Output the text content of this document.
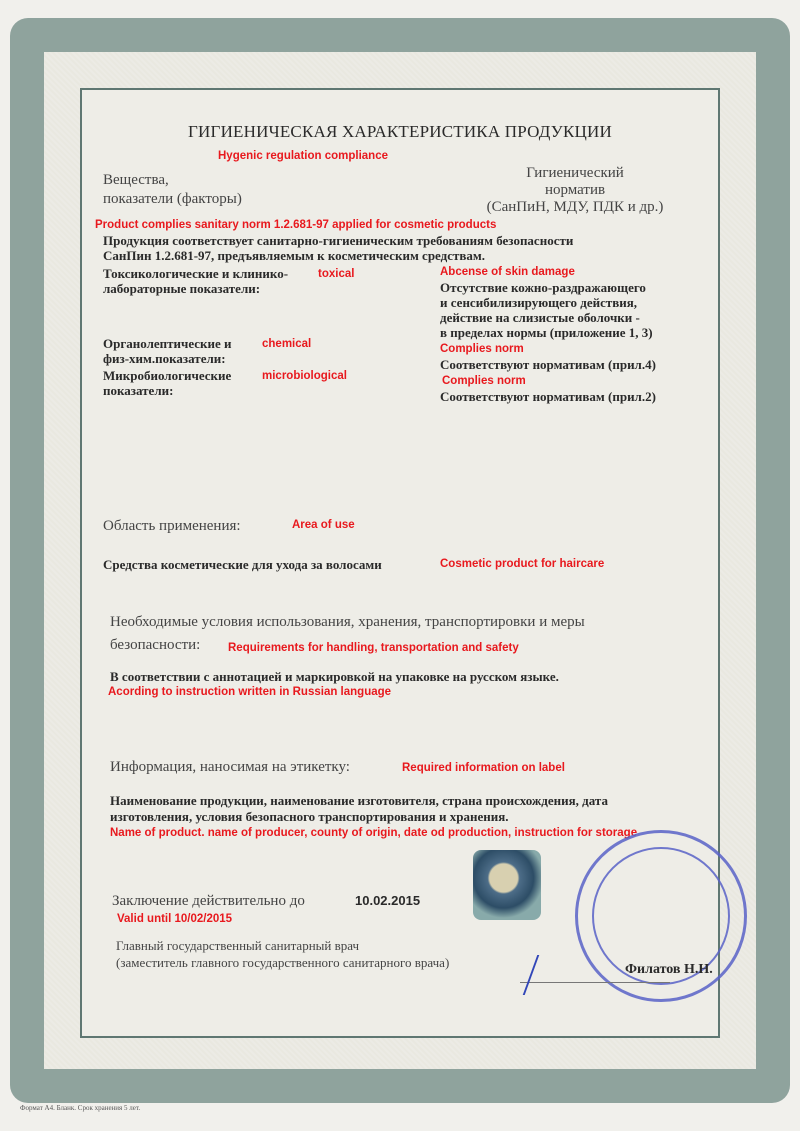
ГИГИЕНИЧЕСКАЯ ХАРАКТЕРИСТИКА ПРОДУКЦИИ
Hygenic regulation compliance
Вещества,
показатели (факторы)
Гигиенический
норматив
(СанПиН, МДУ, ПДК и др.)
Product complies sanitary norm 1.2.681-97 applied for cosmetic products
Продукция соответствует санитарно-гигиеническим требованиям безопасности
СанПин 1.2.681-97, предъявляемым к косметическим средствам.
Токсикологические и клинико-
лабораторные показатели:
toxical	Abcense of skin damage
Отсутствие кожно-раздражающего
и сенсибилизирующего действия,
действие на слизистые оболочки -
в пределах нормы (приложение 1, 3)
Органолептические и
физ-хим.показатели:
chemical	Complies norm
Соответствуют нормативам (прил.4)
Микробиологические
показатели:
microbiological	Complies norm
Соответствуют нормативам (прил.2)
Область применения:	Area of use
Средства косметические для ухода за волосами	Cosmetic product for haircare
Необходимые условия использования, хранения, транспортировки и меры
безопасности: Requirements for handling, transportation and safety
В соответствии с аннотацией и маркировкой на упаковке на русском языке.
Acording to instruction written in Russian language
Информация, наносимая на этикетку:	Required information on label
Наименование продукции, наименование изготовителя, страна происхождения, дата
изготовления, условия безопасного транспортирования и хранения.
Name of product. name of producer, county of origin, date od production, instruction for storage
Заключение действительно до	10.02.2015
Valid until 10/02/2015
Главный государственный санитарный врач
(заместитель главного государственного санитарного врача)	Филатов Н.Н.
Формат А4. Бланк. Срок хранения 5 лет.
